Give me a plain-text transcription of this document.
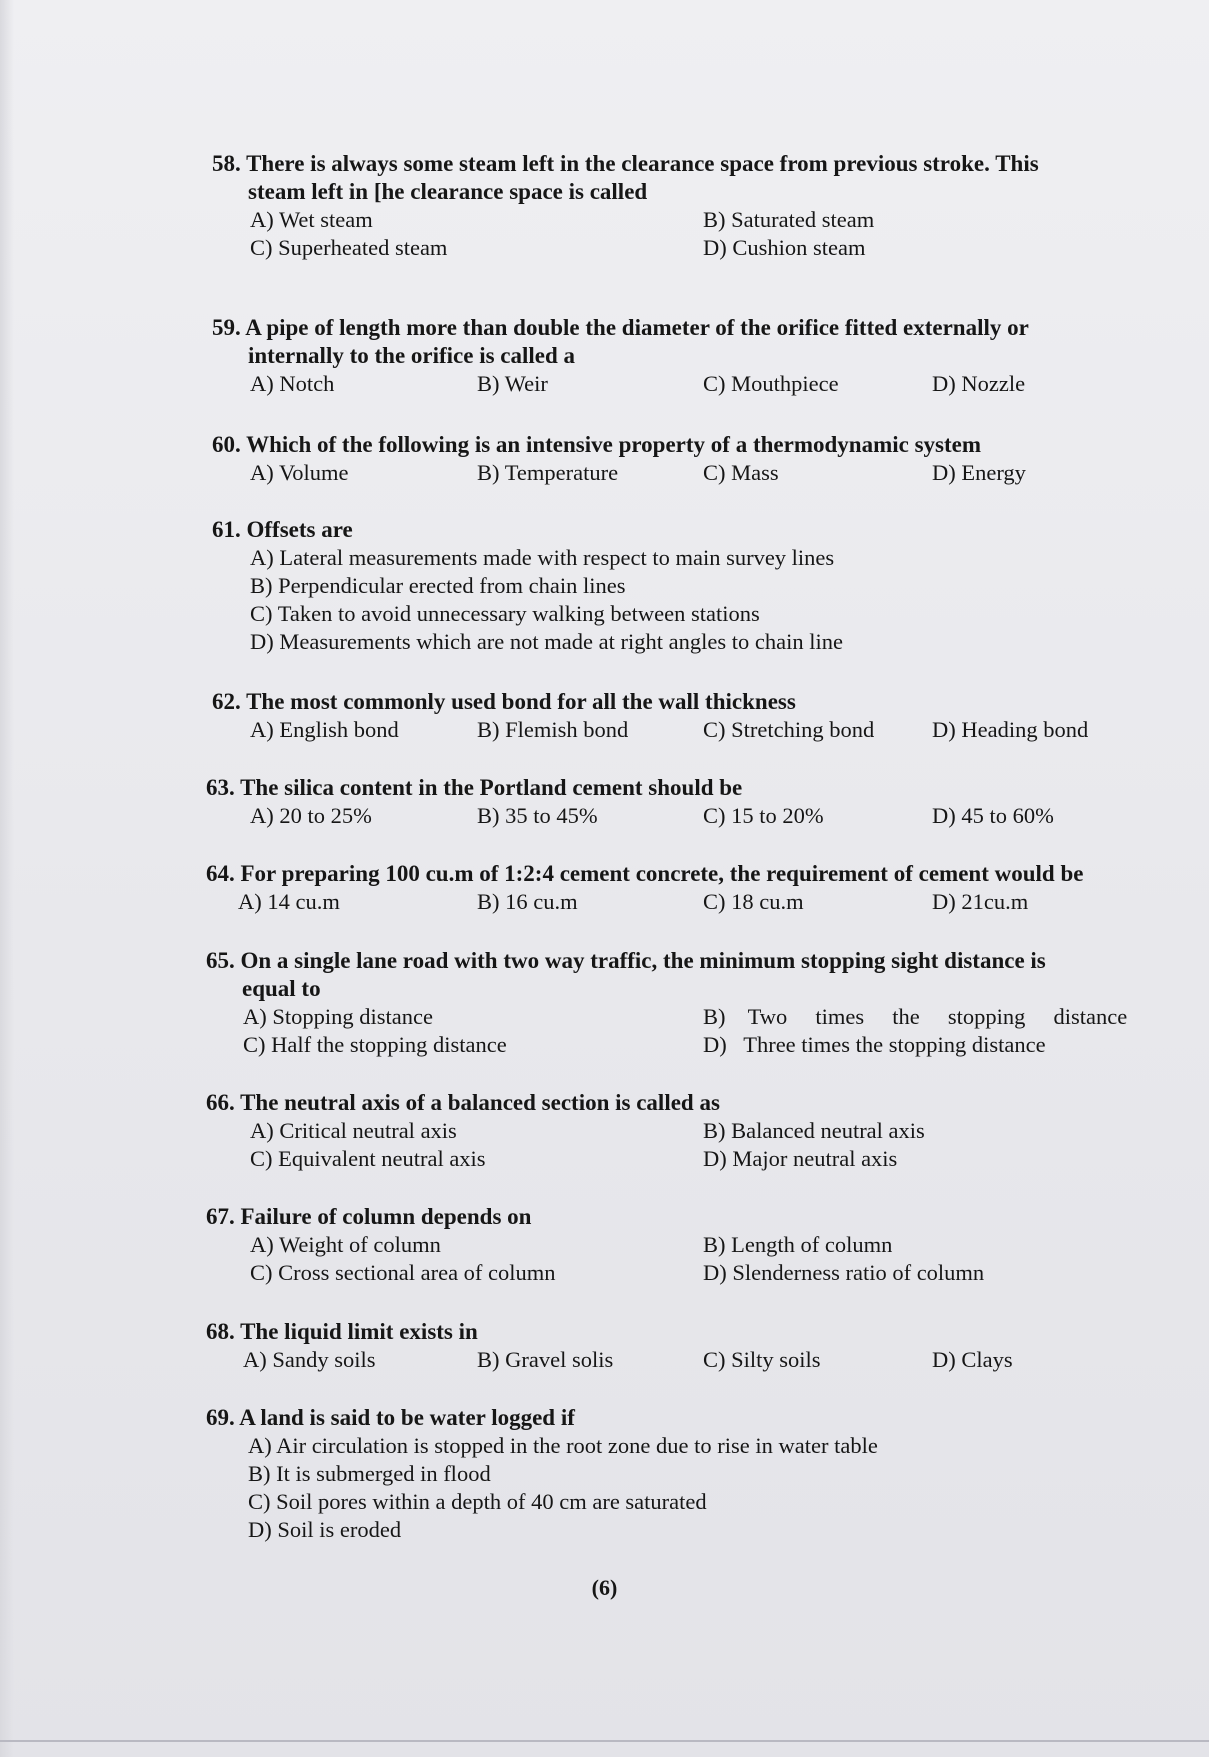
58. There is always some steam left in the clearance space from previous stroke. This
steam left in [he clearance space is called
A) Wet steam	B) Saturated steam
C) Superheated steam	D) Cushion steam
59. A pipe of length more than double the diameter of the orifice fitted externally or
internally to the orifice is called a
A) Notch	B) Weir	C) Mouthpiece	D) Nozzle
60. Which of the following is an intensive property of a thermodynamic system
A) Volume	B) Temperature	C) Mass	D) Energy
61. Offsets are
A) Lateral measurements made with respect to main survey lines
B) Perpendicular erected from chain lines
C) Taken to avoid unnecessary walking between stations
D) Measurements which are not made at right angles to chain line
62. The most commonly used bond for all the wall thickness
A) English bond	B) Flemish bond	C) Stretching bond	D) Heading bond
63. The silica content in the Portland cement should be
A) 20 to 25%	B) 35 to 45%	C) 15 to 20%	D) 45 to 60%
64. For preparing 100 cu.m of 1:2:4 cement concrete, the requirement of cement would be
A) 14 cu.m	B) 16 cu.m	C) 18 cu.m	D) 21cu.m
65. On a single lane road with two way traffic, the minimum stopping sight distance is
equal to
A) Stopping distance	B)    Two     times     the     stopping     distance
C) Half the stopping distance	D)   Three times the stopping distance
66. The neutral axis of a balanced section is called as
A) Critical neutral axis	B) Balanced neutral axis
C) Equivalent neutral axis	D) Major neutral axis
67. Failure of column depends on
A) Weight of column	B) Length of column
C) Cross sectional area of column	D) Slenderness ratio of column
68. The liquid limit exists in
A) Sandy soils	B) Gravel solis	C) Silty soils	D) Clays
69. A land is said to be water logged if
A) Air circulation is stopped in the root zone due to rise in water table
B) It is submerged in flood
C) Soil pores within a depth of 40 cm are saturated
D) Soil is eroded
(6)
